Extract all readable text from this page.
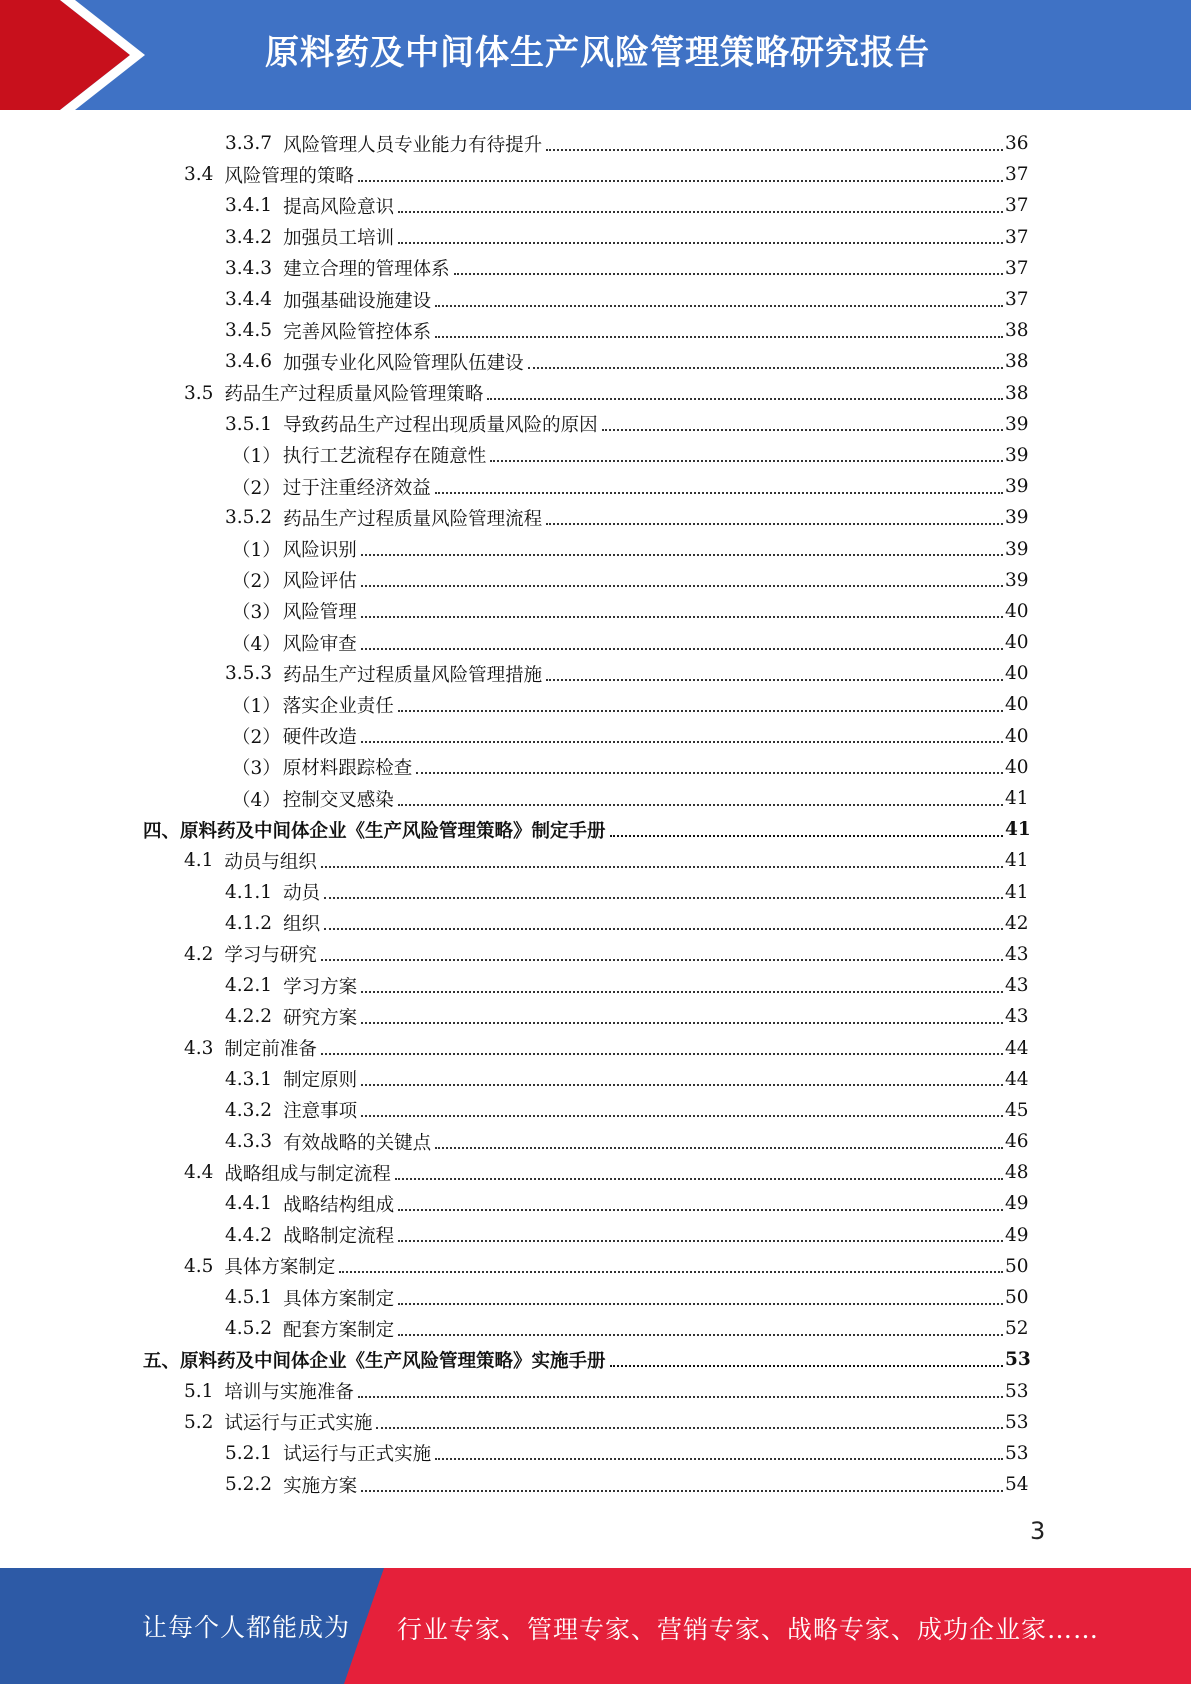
原料药及中间体生产风险管理策略研究报告
3.3.7 风险管理人员专业能力有待提升	36
3.4 风险管理的策略	37
3.4.1 提高风险意识	37
3.4.2 加强员工培训	37
3.4.3 建立合理的管理体系	37
3.4.4 加强基础设施建设	37
3.4.5 完善风险管控体系	38
3.4.6 加强专业化风险管理队伍建设	38
3.5 药品生产过程质量风险管理策略	38
3.5.1 导致药品生产过程出现质量风险的原因	39
（1） 执行工艺流程存在随意性	39
（2） 过于注重经济效益	39
3.5.2 药品生产过程质量风险管理流程	39
（1） 风险识别	39
（2） 风险评估	39
（3） 风险管理	40
（4） 风险审查	40
3.5.3 药品生产过程质量风险管理措施	40
（1） 落实企业责任	40
（2） 硬件改造	40
（3） 原材料跟踪检查	40
（4） 控制交叉感染	41
四、原料药及中间体企业《生产风险管理策略》制定手册	41
4.1 动员与组织	41
4.1.1 动员	41
4.1.2 组织	42
4.2 学习与研究	43
4.2.1 学习方案	43
4.2.2 研究方案	43
4.3 制定前准备	44
4.3.1 制定原则	44
4.3.2 注意事项	45
4.3.3 有效战略的关键点	46
4.4 战略组成与制定流程	48
4.4.1 战略结构组成	49
4.4.2 战略制定流程	49
4.5 具体方案制定	50
4.5.1 具体方案制定	50
4.5.2 配套方案制定	52
五、原料药及中间体企业《生产风险管理策略》实施手册	53
5.1 培训与实施准备	53
5.2 试运行与正式实施	53
5.2.1 试运行与正式实施	53
5.2.2 实施方案	54
3
让每个人都能成为 行业专家、管理专家、营销专家、战略专家、成功企业家……
